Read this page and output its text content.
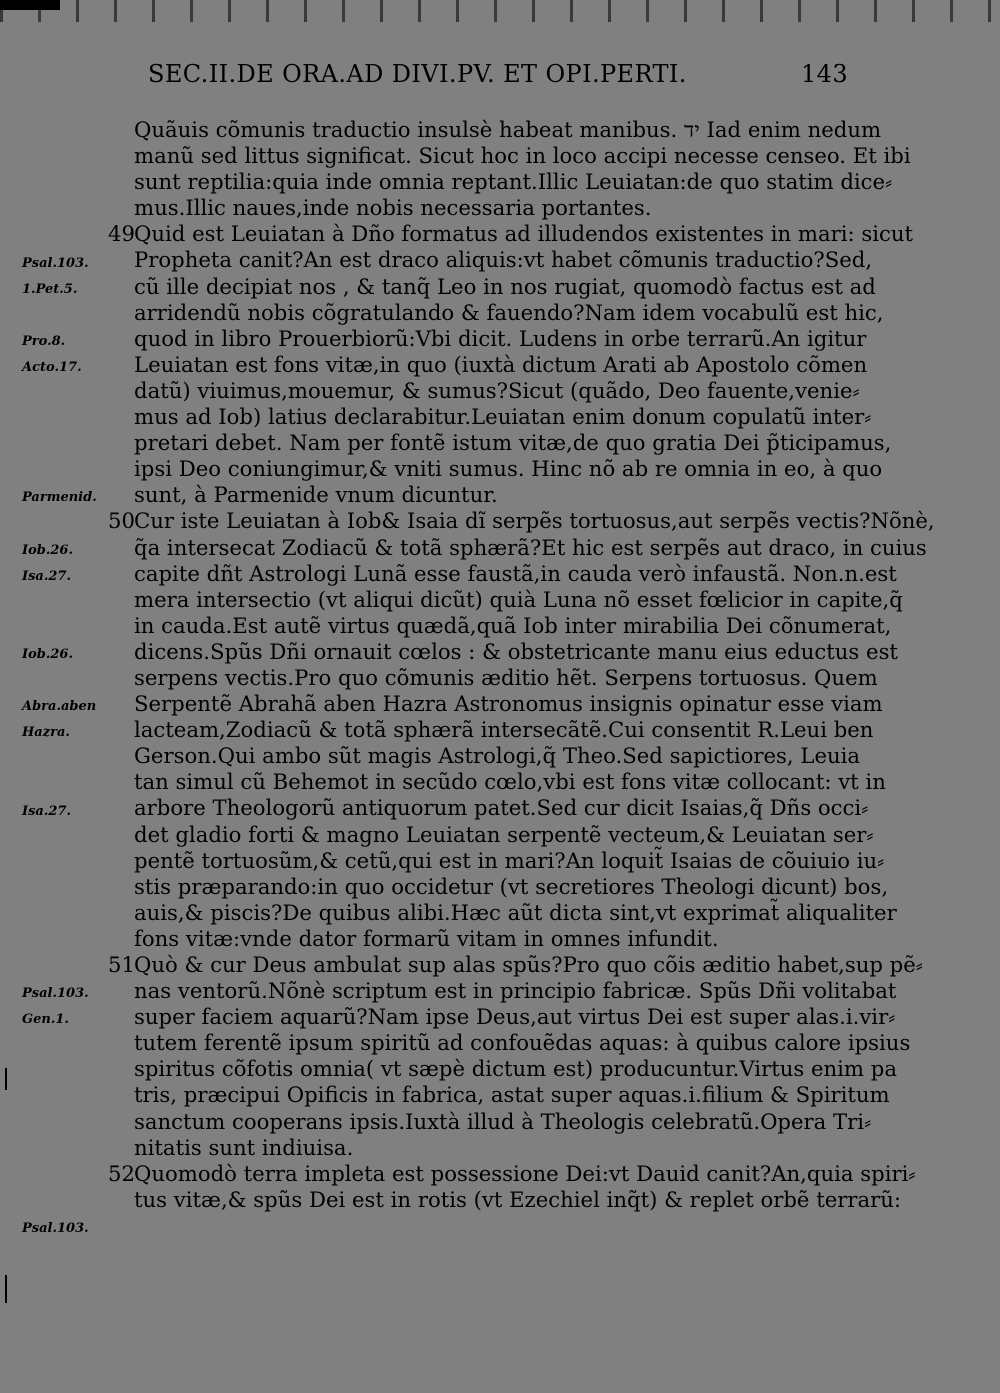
SEC.II.DE ORA.AD DIVI.PV. ET OPI.PERTI.	143
Quãuis cõmunis traductio insulsè habeat manibus. יד Iad enim nedum
manũ sed littus significat. Sicut hoc in loco accipi necesse censeo. Et ibi
sunt reptilia:quia inde omnia reptant.Illic Leuiatan:de quo statim dice⸗
mus.Illic naues,inde nobis necessaria portantes.
49Quid est Leuiatan à Dño formatus ad illudendos existentes in mari: sicut
Propheta canit?An est draco aliquis:vt habet cõmunis traductio?Sed,
cũ ille decipiat nos , & tanq̃ Leo in nos rugiat, quomodò factus est ad
arridendũ nobis cõgratulando & fauendo?Nam idem vocabulũ est hic,
quod in libro Prouerbiorũ:Vbi dicit. Ludens in orbe terrarũ.An igitur
Leuiatan est fons vitæ,in quo (iuxtà dictum Arati ab Apostolo cõmen
datũ) viuimus,mouemur, & sumus?Sicut (quãdo, Deo fauente,venie⸗
mus ad Iob) latius declarabitur.Leuiatan enim donum copulatũ inter⸗
pretari debet. Nam per fontẽ istum vitæ,de quo gratia Dei p̃ticipamus,
ipsi Deo coniungimur,& vniti sumus. Hinc nõ ab re omnia in eo, à quo
sunt, à Parmenide vnum dicuntur.
50Cur iste Leuiatan à Iob& Isaia dĩ serpẽs tortuosus,aut serpẽs vectis?Nõnè,
q̃a intersecat Zodiacũ & totã sphærã?Et hic est serpẽs aut draco, in cuius
capite dñt Astrologi Lunã esse faustã,in cauda verò infaustã. Non.n.est
mera intersectio (vt aliqui dicũt) quià Luna nõ esset fœlicior in capite,q̃
in cauda.Est autẽ virtus quædã,quã Iob inter mirabilia Dei cõnumerat,
dicens.Spũs Dñi ornauit cœlos : & obstetricante manu eius eductus est
serpens vectis.Pro quo cõmunis æditio hẽt. Serpens tortuosus. Quem
Serpentẽ Abrahã aben Hazra Astronomus insignis opinatur esse viam
lacteam,Zodiacũ & totã sphærã intersecãtẽ.Cui consentit R.Leui ben
Gerson.Qui ambo sũt magis Astrologi,q̃ Theo.Sed sapictiores, Leuia
tan simul cũ Behemot in secũdo cœlo,vbi est fons vitæ collocant: vt in
arbore Theologorũ antiquorum patet.Sed cur dicit Isaias,q̃ Dñs occi⸗
det gladio forti & magno Leuiatan serpentẽ vecteum,& Leuiatan ser⸗
pentẽ tortuosũm,& cetũ,qui est in mari?An loquit̃ Isaias de cõuiuio iu⸗
stis præparando:in quo occidetur (vt secretiores Theologi dicunt) bos,
auis,& piscis?De quibus alibi.Hæc aũt dicta sint,vt exprimat̃ aliqualiter
fons vitæ:vnde dator formarũ vitam in omnes infundit.
51Quò & cur Deus ambulat sup alas spũs?Pro quo cõis æditio habet,sup pẽ⸗
nas ventorũ.Nõnè scriptum est in principio fabricæ. Spũs Dñi volitabat
super faciem aquarũ?Nam ipse Deus,aut virtus Dei est super alas.i.vir⸗
tutem ferentẽ ipsum spiritũ ad confouẽdas aquas: à quibus calore ipsius
spiritus cõfotis omnia( vt sæpè dictum est) producuntur.Virtus enim pa
tris, præcipui Opificis in fabrica, astat super aquas.i.filium & Spiritum
sanctum cooperans ipsis.Iuxtà illud à Theologis celebratũ.Opera Tri⸗
nitatis sunt indiuisa.
52Quomodò terra impleta est possessione Dei:vt Dauid canit?An,quia spiri⸗
tus vitæ,& spũs Dei est in rotis (vt Ezechiel inq̃t) & replet orbẽ terrarũ:
Psal.103.
1.Pet.5.
Pro.8.
Acto.17.
Parmenid.
Iob.26.
Isa.27.
Iob.26.
Abra.aben
Hazra.
Isa.27.
Psal.103.
Gen.1.
Psal.103.
